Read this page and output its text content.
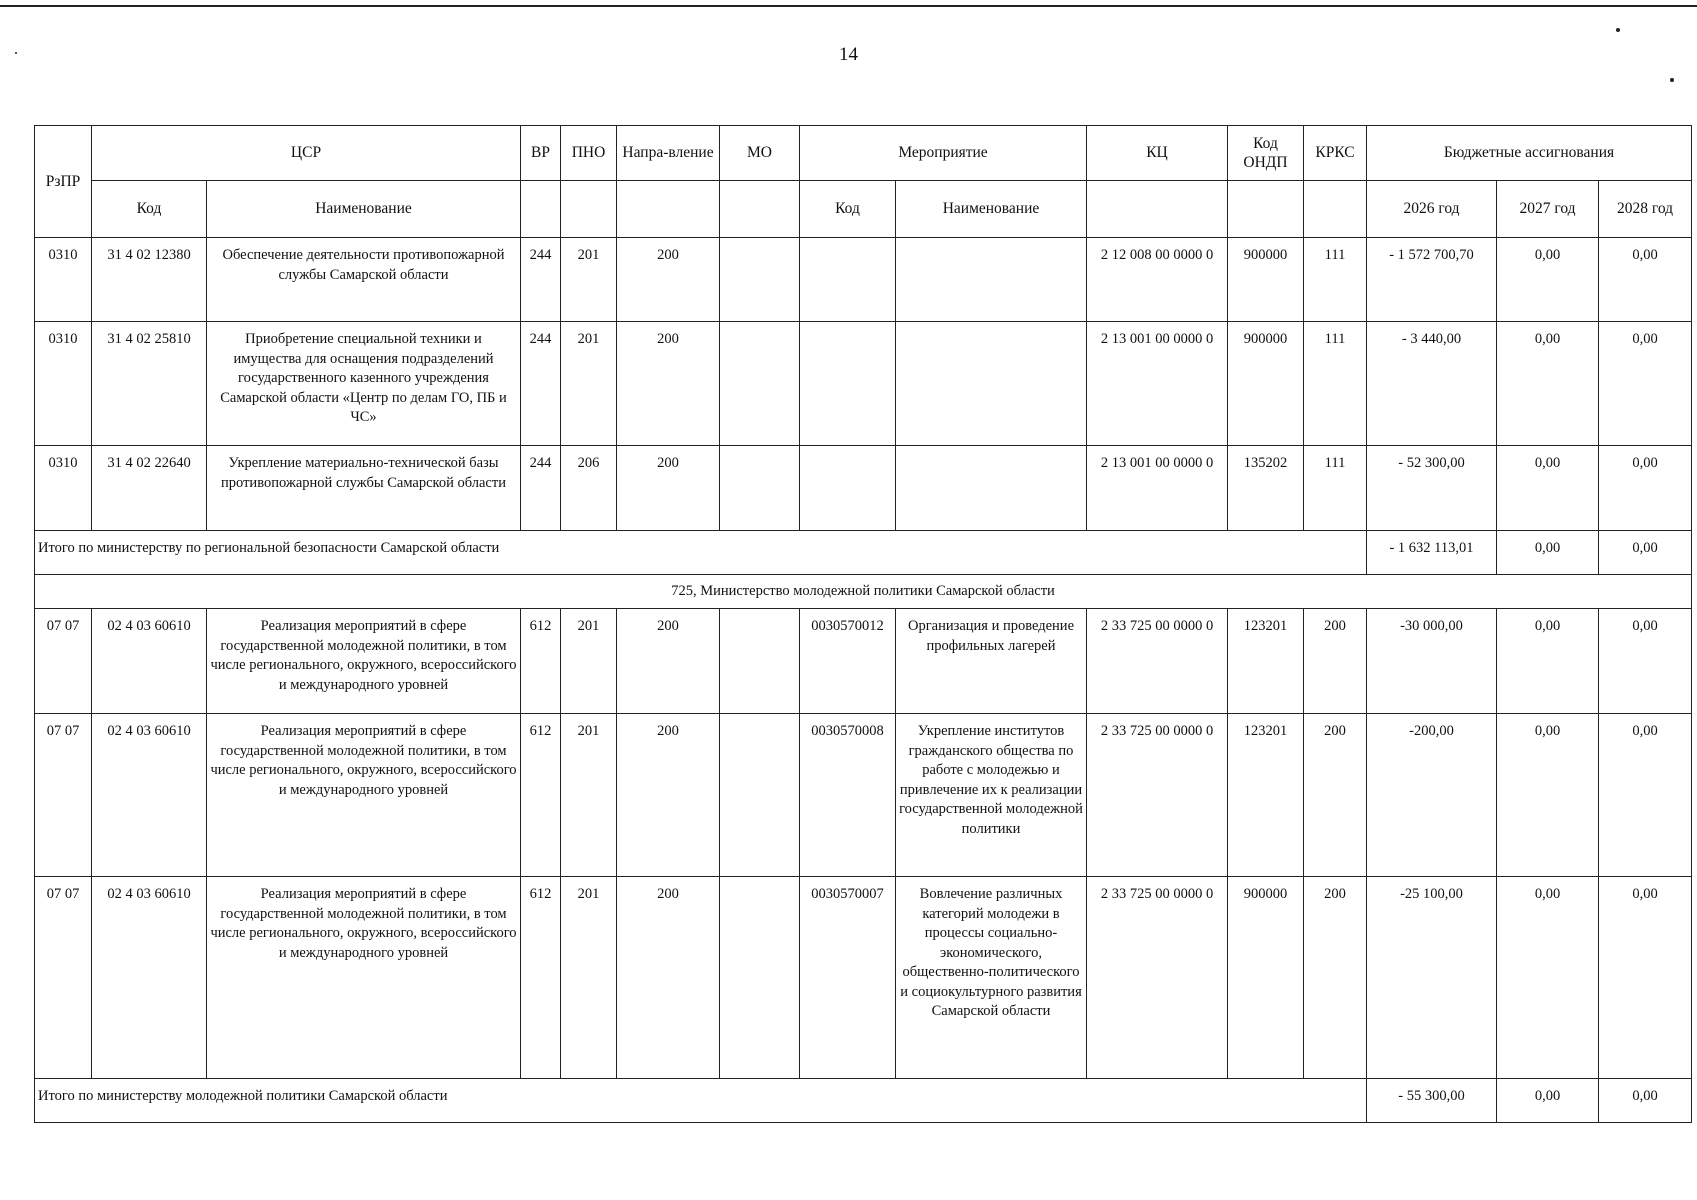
14
РзПР	ЦСР		ВР	ПНО	Напра-вление	МО	Мероприятие		КЦ	Код ОНДП	КРКС	Бюджетные ассигнования		
	Код	Наименование					Код	Наименование				2026 год	2027 год	2028 год
0310	31 4 02 12380	Обеспечение деятельности противопожарной службы Самарской области	244	201	200				2 12 008 00 0000 0	900000	111	- 1 572 700,70	0,00	0,00
0310	31 4 02 25810	Приобретение специальной техники и имущества для оснащения подразделений государственного казенного учреждения Самарской области «Центр по делам ГО, ПБ и ЧС»	244	201	200				2 13 001 00 0000 0	900000	111	- 3 440,00	0,00	0,00
0310	31 4 02 22640	Укрепление материально-технической базы противопожарной службы Самарской области	244	206	200				2 13 001 00 0000 0	135202	111	- 52 300,00	0,00	0,00
Итого по министерству по региональной безопасности Самарской области												- 1 632 113,01	0,00	0,00
725, Министерство молодежной политики Самарской области														
07 07	02 4 03 60610	Реализация мероприятий в сфере государственной молодежной политики, в том числе регионального, окружного, всероссийского и международного уровней	612	201	200		0030570012	Организация и проведение профильных лагерей	2 33 725 00 0000 0	123201	200	-30 000,00	0,00	0,00
07 07	02 4 03 60610	Реализация мероприятий в сфере государственной молодежной политики, в том числе регионального, окружного, всероссийского и международного уровней	612	201	200		0030570008	Укрепление институтов гражданского общества по работе с молодежью и привлечение их к реализации государственной молодежной политики	2 33 725 00 0000 0	123201	200	-200,00	0,00	0,00
07 07	02 4 03 60610	Реализация мероприятий в сфере государственной молодежной политики, в том числе регионального, окружного, всероссийского и международного уровней	612	201	200		0030570007	Вовлечение различных категорий молодежи в процессы социально-экономического, общественно-политического и социокультурного развития Самарской области	2 33 725 00 0000 0	900000	200	-25 100,00	0,00	0,00
Итого по министерству молодежной политики Самарской области												- 55 300,00	0,00	0,00
